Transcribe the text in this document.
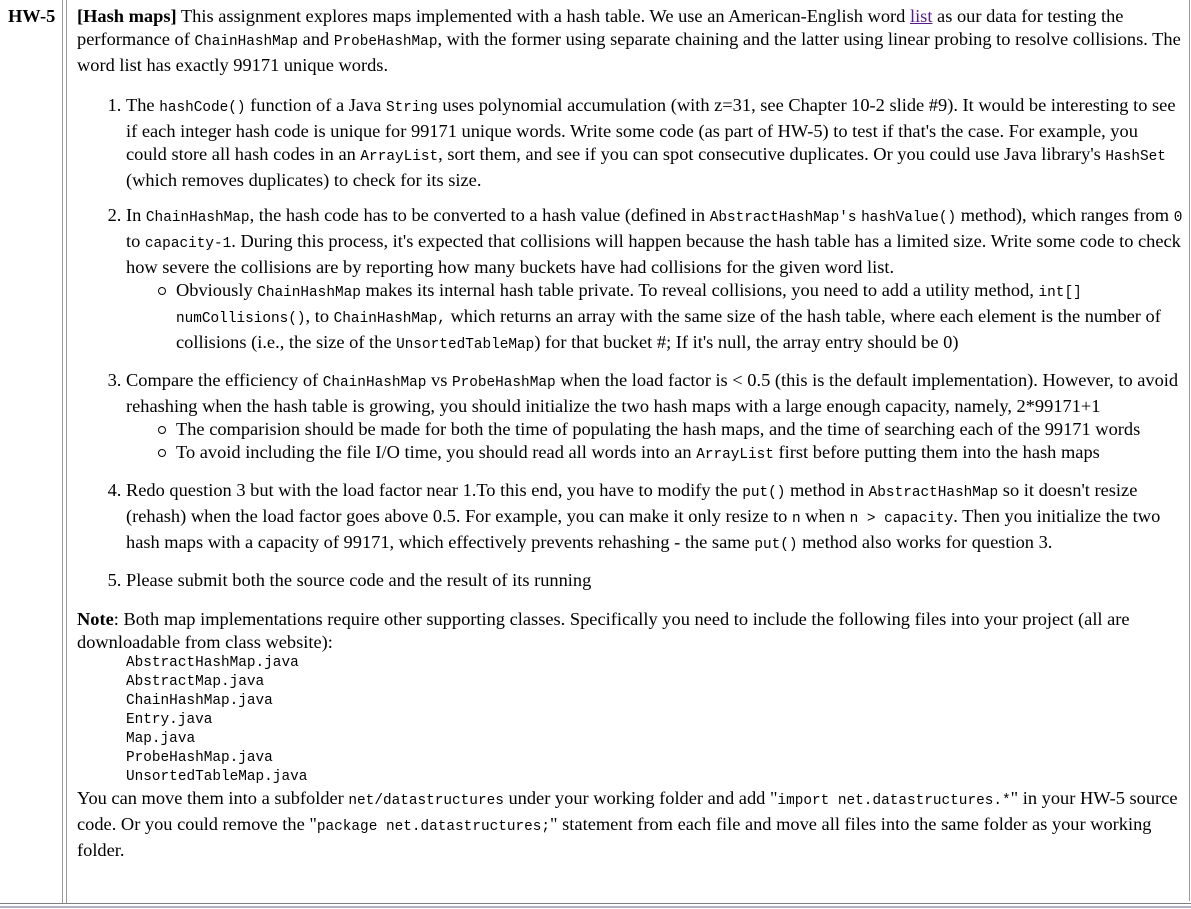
HW-5 [Hash maps] This assignment explores maps implemented with a hash table. We use an American-English word list as our data for testing the performance of ChainHashMap and ProbeHashMap, with the former using separate chaining and the latter using linear probing to resolve collisions. The word list has exactly 99171 unique words.

1. The hashCode() function of a Java String uses polynomial accumulation (with z=31, see Chapter 10-2 slide #9). It would be interesting to see if each integer hash code is unique for 99171 unique words. Write some code (as part of HW-5) to test if that's the case. For example, you could store all hash codes in an ArrayList, sort them, and see if you can spot consecutive duplicates. Or you could use Java library's HashSet (which removes duplicates) to check for its size.
2. In ChainHashMap, the hash code has to be converted to a hash value (defined in AbstractHashMap's hashValue() method), which ranges from 0 to capacity-1. During this process, it's expected that collisions will happen because the hash table has a limited size. Write some code to check how severe the collisions are by reporting how many buckets have had collisions for the given word list.
Obviously ChainHashMap makes its internal hash table private. To reveal collisions, you need to add a utility method, int[] numCollisions(), to ChainHashMap, which returns an array with the same size of the hash table, where each element is the number of collisions (i.e., the size of the UnsortedTableMap) for that bucket #; If it's null, the array entry should be 0)
3. Compare the efficiency of ChainHashMap vs ProbeHashMap when the load factor is < 0.5 (this is the default implementation). However, to avoid rehashing when the hash table is growing, you should initialize the two hash maps with a large enough capacity, namely, 2*99171+1
The comparision should be made for both the time of populating the hash maps, and the time of searching each of the 99171 words
To avoid including the file I/O time, you should read all words into an ArrayList first before putting them into the hash maps
4. Redo question 3 but with the load factor near 1.To this end, you have to modify the put() method in AbstractHashMap so it doesn't resize (rehash) when the load factor goes above 0.5. For example, you can make it only resize to n when n > capacity. Then you initialize the two hash maps with a capacity of 99171, which effectively prevents rehashing - the same put() method also works for question 3.
5. Please submit both the source code and the result of its running
Note: Both map implementations require other supporting classes. Specifically you need to include the following files into your project (all are downloadable from class website):
AbstractHashMap.java
AbstractMap.java
ChainHashMap.java
Entry.java
Map.java
ProbeHashMap.java
UnsortedTableMap.java

You can move them into a subfolder net/datastructures under your working folder and add "import net.datastructures.*" in your HW-5 source code. Or you could remove the "package net.datastructures;" statement from each file and move all files into the same folder as your working folder.
